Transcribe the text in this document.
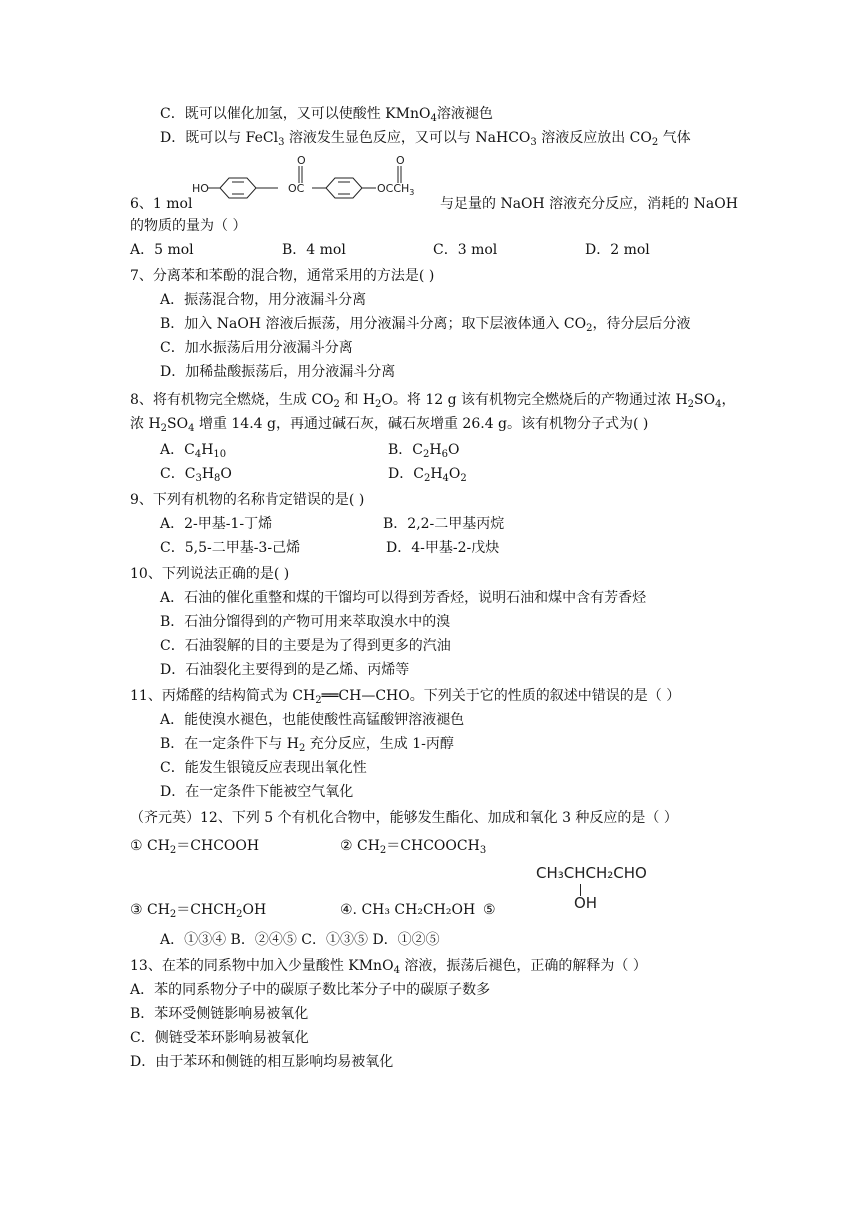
C．既可以催化加氢，又可以使酸性 KMnO$_4$溶液褪色
D．既可以与 FeCl$_3$ 溶液发生显色反应，又可以与 NaHCO$_3$ 溶液反应放出 $CO_2$ 气体
6、1 mol
HO
O
OC
O
$OCCH_3$
与足量的 NaOH 溶液充分反应，消耗的 NaOH
的物质的量为（ ）
A．5 mol	B．4 mol	C．3 mol	D．2 mol
7、分离苯和苯酚的混合物，通常采用的方法是( )
A．振荡混合物，用分液漏斗分离
B．加入 NaOH 溶液后振荡，用分液漏斗分离；取下层液体通入 $CO_2$，待分层后分液
C．加水振荡后用分液漏斗分离
D．加稀盐酸振荡后，用分液漏斗分离
8、将有机物完全燃烧，生成 $CO_2$ 和 $H_2O$。将 12 g 该有机物完全燃烧后的产物通过浓 $H_2SO_4$，
浓 $H_2SO_4$ 增重 14.4 g，再通过碱石灰，碱石灰增重 26.4 g。该有机物分子式为( )
A．$C_4H_{10}$	B．$C_2H_6O$
C．$C_3H_8O$	D．$C_2H_4O_2$
9、下列有机物的名称肯定错误的是( )
A．2-甲基-1-丁烯	B．2,2-二甲基丙烷
C．5,5-二甲基-3-己烯	D．4-甲基-2-戊炔
10、下列说法正确的是( )
A．石油的催化重整和煤的干馏均可以得到芳香烃，说明石油和煤中含有芳香烃
B．石油分馏得到的产物可用来萃取溴水中的溴
C．石油裂解的目的主要是为了得到更多的汽油
D．石油裂化主要得到的是乙烯、丙烯等
11、丙烯醛的结构简式为 $CH_2══CH—CHO$。下列关于它的性质的叙述中错误的是（ ）
A．能使溴水褪色，也能使酸性高锰酸钾溶液褪色
B．在一定条件下与 $H_2$ 充分反应，生成 1-丙醇
C．能发生银镜反应表现出氧化性
D．在一定条件下能被空气氧化
（齐元英）12、下列 5 个有机化合物中，能够发生酯化、加成和氧化 3 种反应的是（ ）
① $CH_2=CHCOOH$	② $CH_2=CHCOOCH_3$
CH₃CHCH₂CHO
OH
③ $CH_2=CHCH_2OH$	④. CH₃ CH₂CH₂OH ⑤
A．①③④ B．②④⑤ C．①③⑤ D．①②⑤
13、在苯的同系物中加入少量酸性 KMnO$_4$ 溶液，振荡后褪色，正确的解释为（ ）
A．苯的同系物分子中的碳原子数比苯分子中的碳原子数多
B．苯环受侧链影响易被氧化
C．侧链受苯环影响易被氧化
D．由于苯环和侧链的相互影响均易被氧化
